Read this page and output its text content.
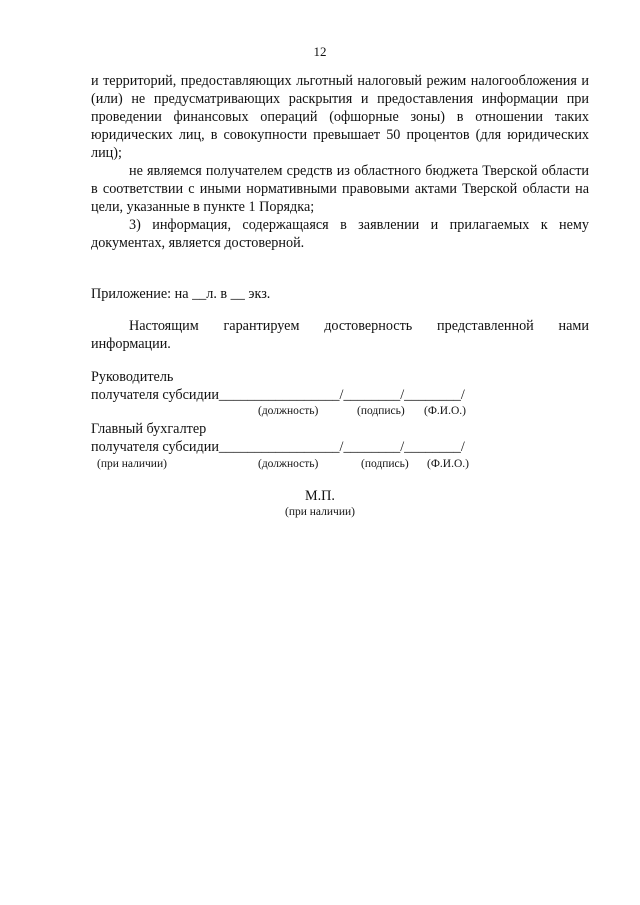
12

и территорий, предоставляющих льготный налоговый режим налогообложения и (или) не предусматривающих раскрытия и предоставления информации при проведении финансовых операций (офшорные зоны) в отношении таких юридических лиц, в совокупности превышает 50 процентов (для юридических лиц);

не являемся получателем средств из областного бюджета Тверской области в соответствии с иными нормативными правовыми актами Тверской области на цели, указанные в пункте 1 Порядка;

3) информация, содержащаяся в заявлении и прилагаемых к нему документах, является достоверной.

Приложение: на __л. в __ экз.

Настоящим гарантируем достоверность представленной нами

информации.

Руководитель
получателя субсидии_________________/________/________/
(должность)	(подпись) (Ф.И.О.)
Главный бухгалтер
получателя субсидии_________________/________/________/
(при наличии)	(должность)	(подпись) (Ф.И.О.)
М.П.
(при наличии)
